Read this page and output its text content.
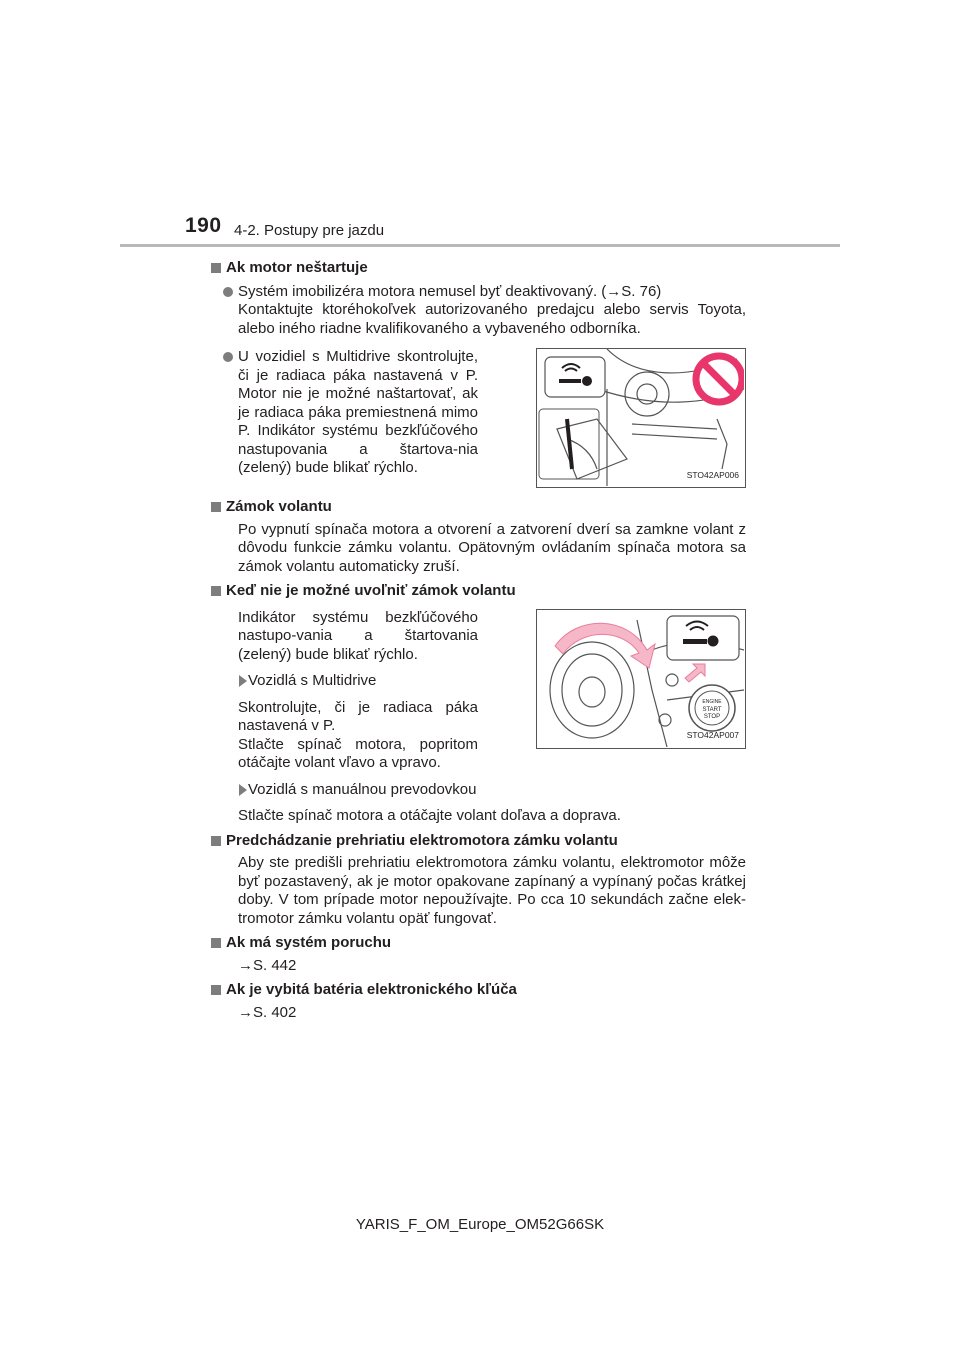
190 4-2. Postupy pre jazdu
Ak motor neštartuje
Systém imobilizéra motora nemusel byť deaktivovaný. (→S. 76)
Kontaktujte ktoréhokoľvek autorizovaného predajcu alebo servis Toyota, alebo iného riadne kvalifikovaného a vybaveného odborníka.
U vozidiel s Multidrive skontrolujte, či je radiaca páka nastavená v P. Motor nie je možné naštartovať, ak je radiaca páka premiestnená mimo P. Indikátor systému bezkľúčového nastupovania a štartova-nia (zelený) bude blikať rýchlo.	STO42AP006
Zámok volantu
Po vypnutí spínača motora a otvorení a zatvorení dverí sa zamkne volant z dôvodu funkcie zámku volantu. Opätovným ovládaním spínača motora sa zámok volantu automaticky zruší.
Keď nie je možné uvoľniť zámok volantu
Indikátor systému bezkľúčového nastupo-vania a štartovania (zelený) bude blikať rýchlo.
Vozidlá s Multidrive
Skontrolujte, či je radiaca páka nastavená v P.
Stlačte spínač motora, popritom otáčajte volant vľavo a vpravo.
Vozidlá s manuálnou prevodovkou
ENGINE
START
STOP
STO42AP007
Stlačte spínač motora a otáčajte volant doľava a doprava.
Predchádzanie prehriatiu elektromotora zámku volantu
Aby ste predišli prehriatiu elektromotora zámku volantu, elektromotor môže byť pozastavený, ak je motor opakovane zapínaný a vypínaný počas krátkej doby. V tom prípade motor nepoužívajte. Po cca 10 sekundách začne elek-tromotor zámku volantu opäť fungovať.
Ak má systém poruchu
→S. 442
Ak je vybitá batéria elektronického kľúča
→S. 402
YARIS_F_OM_Europe_OM52G66SK
